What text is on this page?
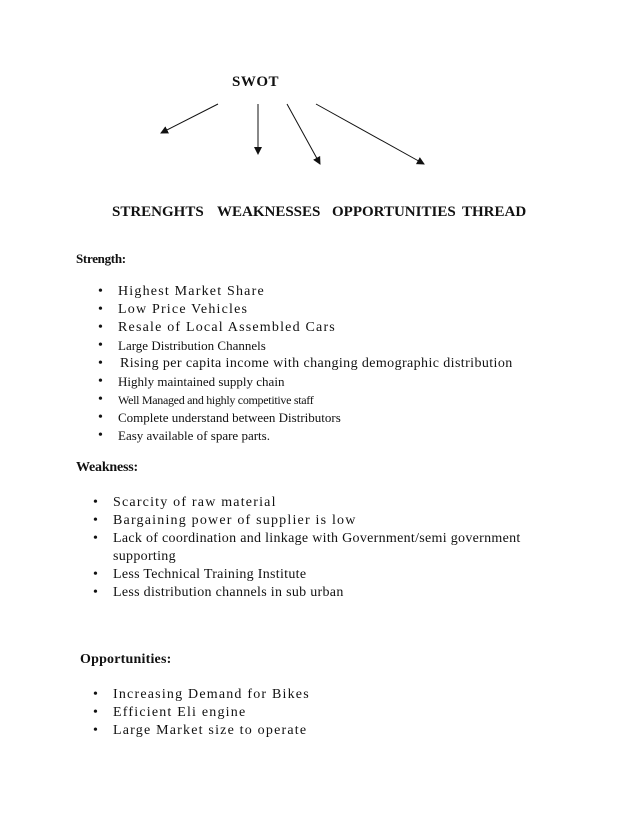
SWOT
STRENGHTS WEAKNESSES OPPORTUNITIES THREAD
Strength:
• Highest Market Share
• Low Price Vehicles
• Resale of Local Assembled Cars
• Large Distribution Channels
• Rising per capita income with changing demographic distribution
• Highly maintained supply chain
• Well Managed and highly competitive staff
• Complete understand between Distributors
• Easy available of spare parts.
Weakness:
• Scarcity of raw material
• Bargaining power of supplier is low
• Lack of coordination and linkage with Government/semi government supporting
• Less Technical Training Institute
• Less distribution channels in sub urban
Opportunities:
• Increasing Demand for Bikes
• Efficient Eli engine
• Large Market size to operate
